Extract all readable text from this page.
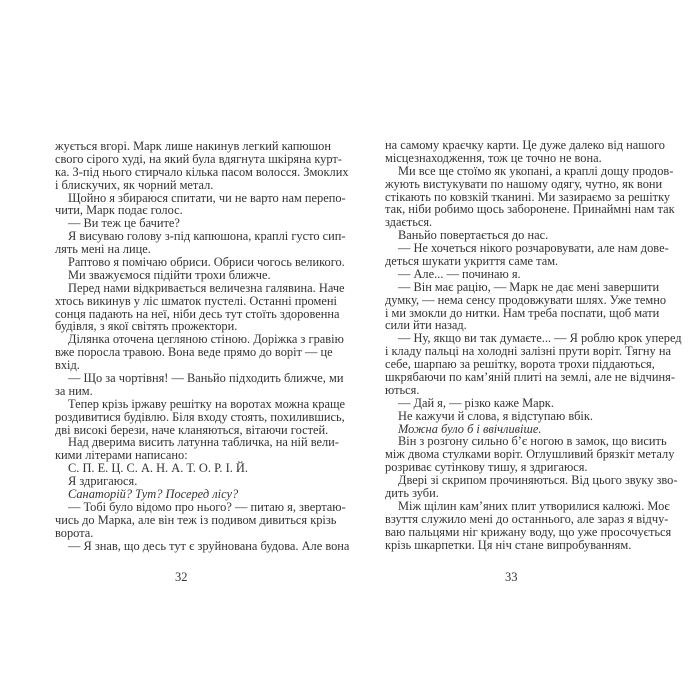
жується вгорі. Марк лише накинув легкий капюшон
свого сірого худі, на який була вдягнута шкіряна курт-
ка. З-під нього стирчало кілька пасом волосся. Змоклих
і блискучих, як чорний метал.
Щойно я збираюся спитати, чи не варто нам перепо-
чити, Марк подає голос.
— Ви теж це бачите?
Я висуваю голову з-під капюшона, краплі густо сип-
лять мені на лице.
Раптово я помічаю обриси. Обриси чогось великого.
Ми зважуємося підійти трохи ближче.
Перед нами відкривається величезна галявина. Наче
хтось викинув у ліс шматок пустелі. Останні промені
сонця падають на неї, ніби десь тут стоїть здоровенна
будівля, з якої світять прожектори.
Ділянка оточена цегляною стіною. Доріжка з гравію
вже поросла травою. Вона веде прямо до воріт — це
вхід.
— Що за чортівня! — Ваньйо підходить ближче, ми
за ним.
Тепер крізь іржаву решітку на воротах можна краще
роздивитися будівлю. Біля входу стоять, похилившись,
дві високі берези, наче кланяються, вітаючи гостей.
Над дверима висить латунна табличка, на ній вели-
кими літерами написано:
С. П. Е. Ц. С. А. Н. А. Т. О. Р. І. Й.
Я здригаюся.
Санаторій? Тут? Посеред лісу?
— Тобі було відомо про нього? — питаю я, звертаю-
чись до Марка, але він теж із подивом дивиться крізь
ворота.
— Я знав, що десь тут є зруйнована будова. Але вона
32
на самому краєчку карти. Це дуже далеко від нашого
місцезнаходження, тож це точно не вона.
Ми все ще стоїмо як укопані, а краплі дощу продов-
жують вистукувати по нашому одягу, чутно, як вони
стікають по ковзкій тканині. Ми зазираємо за решітку
так, ніби робимо щось заборонене. Принаймні нам так
здається.
Ваньйо повертається до нас.
— Не хочеться нікого розчаровувати, але нам дове-
деться шукати укриття саме там.
— Але... — починаю я.
— Він має рацію, — Марк не дає мені завершити
думку, — нема сенсу продовжувати шлях. Уже темно
і ми змокли до нитки. Нам треба поспати, щоб мати
сили йти назад.
— Ну, якщо ви так думаєте... — Я роблю крок уперед
і кладу пальці на холодні залізні прути воріт. Тягну на
себе, шарпаю за решітку, ворота трохи піддаються,
шкрябаючи по кам’яній плиті на землі, але не відчиня-
ються.
— Дай я, — різко каже Марк.
Не кажучи й слова, я відступаю вбік.
Можна було б і ввічливіше.
Він з розгону сильно б’є ногою в замок, що висить
між двома стулками воріт. Оглушливий брязкіт металу
розриває сутінкову тишу, я здригаюся.
Двері зі скрипом прочиняються. Від цього звуку зво-
дить зуби.
Між щілин кам’яних плит утворилися калюжі. Моє
взуття служило мені до останнього, але зараз я відчу-
ваю пальцями ніг крижану воду, що уже просочується
крізь шкарпетки. Ця ніч стане випробуванням.
33
